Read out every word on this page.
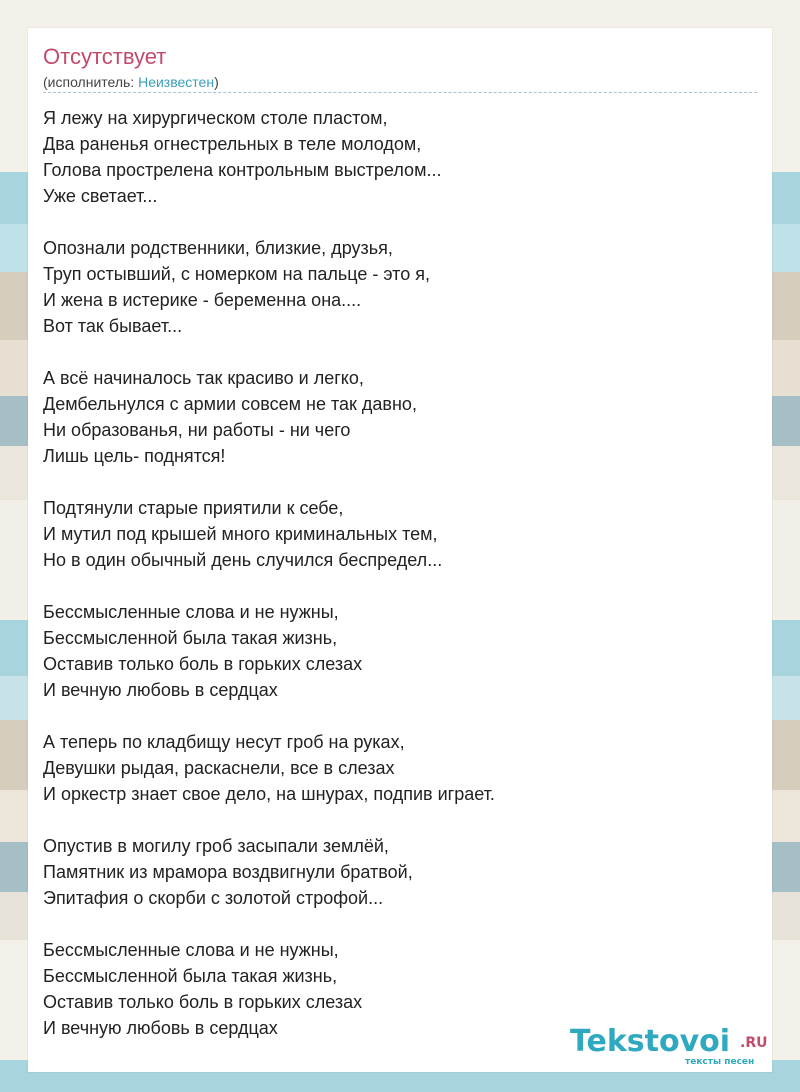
Отсутствует
(исполнитель: Неизвестен)
Я лежу на хирургическом столе пластом,
Два раненья огнестрельных в теле молодом,
Голова прострелена контрольным выстрелом...
Уже светает...
Опознали родственники, близкие, друзья,
Труп остывший, с номерком на пальце - это я,
И жена в истерике - беременна она....
Вот так бывает...
А всё начиналось так красиво и легко,
Дембельнулся с армии совсем не так давно,
Ни образованья, ни работы - ни чего
Лишь цель- поднятся!
Подтянули старые приятили к себе,
И мутил под крышей много криминальных тем,
Но в один обычный день случился беспредел...
Бессмысленные слова и не нужны,
Бессмысленной была такая жизнь,
Оставив только боль в горьких слезах
И вечную любовь в сердцах
А теперь по кладбищу несут гроб на руках,
Девушки рыдая, раскаснели, все в слезах
И оркестр знает свое дело, на шнурах, подпив играет.
Опустив в могилу гроб засыпали землёй,
Памятник из мрамора воздвигнули братвой,
Эпитафия о скорби с золотой строфой...
Бессмысленные слова и не нужны,
Бессмысленной была такая жизнь,
Оставив только боль в горьких слезах
И вечную любовь в сердцах	Tekstovoi .RU
тексты песен
